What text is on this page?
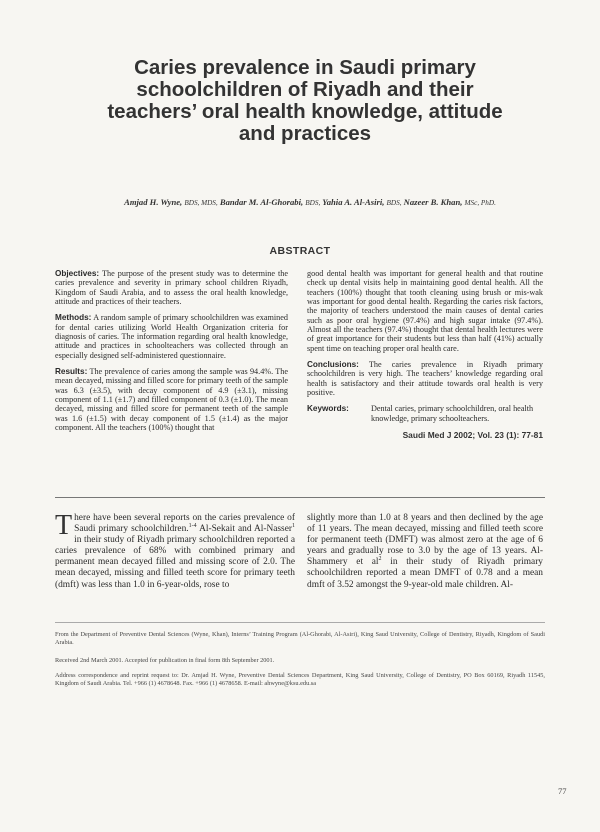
Caries prevalence in Saudi primary
schoolchildren of Riyadh and their
teachers’ oral health knowledge, attitude
and practices
Amjad H. Wyne, BDS, MDS, Bandar M. Al-Ghorabi, BDS, Yahia A. Al-Asiri, BDS, Nazeer B. Khan, MSc, PhD.
ABSTRACT

Objectives: The purpose of the present study was to determine the caries prevalence and severity in primary school children Riyadh, Kingdom of Saudi Arabia, and to assess the oral health knowledge, attitude and practices of their teachers.

Methods: A random sample of primary schoolchildren was examined for dental caries utilizing World Health Organization criteria for diagnosis of caries. The information regarding oral health knowledge, attitude and practices in schoolteachers was collected through an especially designed self-administered questionnaire.

Results: The prevalence of caries among the sample was 94.4%. The mean decayed, missing and filled score for primary teeth of the sample was 6.3 (±3.5), with decay component of 4.9 (±3.1), missing component of 1.1 (±1.7) and filled component of 0.3 (±1.0). The mean decayed, missing and filled score for permanent teeth of the sample was 1.6 (±1.5) with decay component of 1.5 (±1.4) as the major component. All the teachers (100%) thought that

good dental health was important for general health and that routine check up dental visits help in maintaining good dental health. All the teachers (100%) thought that tooth cleaning using brush or mis-wak was important for good dental health. Regarding the caries risk factors, the majority of teachers understood the main causes of dental caries such as poor oral hygiene (97.4%) and high sugar intake (97.4%). Almost all the teachers (97.4%) thought that dental health lectures were of great importance for their students but less than half (41%) actually spent time on teaching proper oral health care.

Conclusions: The caries prevalence in Riyadh primary schoolchildren is very high. The teachers’ knowledge regarding oral health is satisfactory and their attitude towards oral health is very positive.

Keywords:	Dental caries, primary schoolchildren, oral health knowledge, primary schoolteachers.
Saudi Med J 2002; Vol. 23 (1): 77-81
There have been several reports on the caries prevalence of Saudi primary schoolchildren.$^{1-4}$ Al-Sekait and Al-Nasser$^1$ in their study of Riyadh primary schoolchildren reported a caries prevalence of 68% with combined primary and permanent mean decayed filled and missing score of 2.0. The mean decayed, missing and filled teeth score for primary teeth (dmft) was less than 1.0 in 6-year-olds, rose to
slightly more than 1.0 at 8 years and then declined by the age of 11 years. The mean decayed, missing and filled teeth score for permanent teeth (DMFT) was almost zero at the age of 6 years and gradually rose to 3.0 by the age of 13 years. Al-Shammery et $al^2$ in their study of Riyadh primary schoolchildren reported a mean DMFT of 0.78 and a mean dmft of 3.52 amongst the 9-year-old male children. Al-

From the Department of Preventive Dental Sciences (Wyne, Khan), Interns’ Training Program (Al-Ghorabi, Al-Asiri), King Saud University, College of Dentistry, Riyadh, Kingdom of Saudi Arabia.

Received 2nd March 2001. Accepted for publication in final form 8th September 2001.

Address correspondence and reprint request to: Dr. Amjad H. Wyne, Preventive Dental Sciences Department, King Saud University, College of Dentistry, PO Box 60169, Riyadh 11545, Kingdom of Saudi Arabia. Tel. +966 (1) 4678648. Fax. +966 (1) 4678658. E-mail: ahwyne@ksu.edu.sa

77
